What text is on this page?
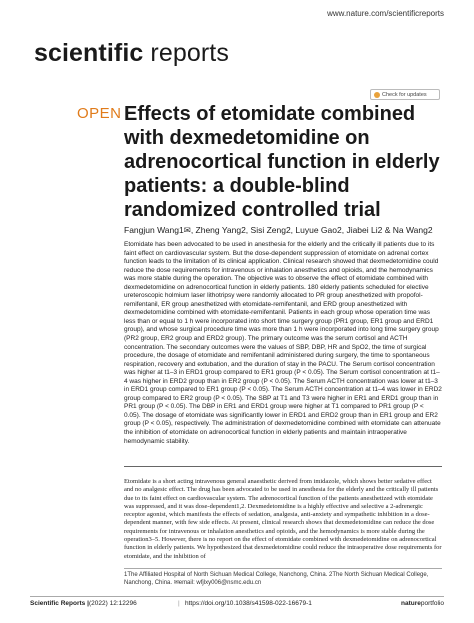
www.nature.com/scientificreports
scientific reports
Check for updates
OPEN Effects of etomidate combined with dexmedetomidine on adrenocortical function in elderly patients: a double-blind randomized controlled trial
Fangjun Wang1✉, Zheng Yang2, Sisi Zeng2, Luyue Gao2, Jiabei Li2 & Na Wang2

Etomidate has been advocated to be used in anesthesia for the elderly and the critically ill patients due to its faint effect on cardiovascular system. But the dose-dependent suppression of etomidate on adrenal cortex function leads to the limitation of its clinical application. Clinical research showed that dexmedetomidine could reduce the dose requirements for intravenous or inhalation anesthetics and opioids, and the hemodynamics was more stable during the operation. The objective was to observe the effect of etomidate combined with dexmedetomidine on adrenocortical function in elderly patients. 180 elderly patients scheduled for elective ureteroscopic holmium laser lithotripsy were randomly allocated to PR group anesthetized with propofol-remifentanil, ER group anesthetized with etomidate-remifentanil, and ERD group anesthetized with dexmedetomidine combined with etomidate-remifentanil. Patients in each group whose operation time was less than or equal to 1 h were incorporated into short time surgery group (PR1 group, ER1 group and ERD1 group), and whose surgical procedure time was more than 1 h were incorporated into long time surgery group (PR2 group, ER2 group and ERD2 group). The primary outcome was the serum cortisol and ACTH concentration. The secondary outcomes were the values of SBP, DBP, HR and SpO2, the time of surgical procedure, the dosage of etomidate and remifentanil administered during surgery, the time to spontaneous respiration, recovery and extubation, and the duration of stay in the PACU. The Serum cortisol concentration was higher at t1–3 in ERD1 group compared to ER1 group (P < 0.05). The Serum cortisol concentration at t1–4 was higher in ERD2 group than in ER2 group (P < 0.05). The Serum ACTH concentration was lower at t1–3 in ERD1 group compared to ER1 group (P < 0.05). The Serum ACTH concentration at t1–4 was lower in ERD2 group compared to ER2 group (P < 0.05). The SBP at T1 and T3 were higher in ER1 and ERD1 group than in PR1 group (P < 0.05). The DBP in ER1 and ERD1 group were higher at T1 compared to PR1 group (P < 0.05). The dosage of etomidate was significantly lower in ERD1 and ERD2 group than in ER1 group and ER2 group (P < 0.05), respectively. The administration of dexmedetomidine combined with etomidate can attenuate the inhibition of etomidate on adrenocortical function in elderly patients and maintain intraoperative hemodynamic stability.

Etomidate is a short acting intravenous general anaesthetic derived from imidazole, which shows better sedative effect and no analgesic effect. The drug has been advocated to be used in anesthesia for the elderly and the critically ill patients due to its faint effect on cardiovascular system. The adrenocortical function of the patients anesthetized with etomidate was suppressed, and it was dose-dependent1,2. Dexmedetomidine is a highly effective and selective a 2-adrenergic receptor agonist, which manifests the effects of sedation, analgesia, anti-anxiety and sympathetic inhibition in a dose-dependent manner, with few side effects. At present, clinical research shows that dexmedetomidine can reduce the dose requirements for intravenous or inhalation anesthetics and opioids, and the hemodynamics is more stable during the operation3–5. However, there is no report on the effect of etomidate combined with dexmedetomidine on adrenocortical function in elderly patients. We hypothesized that dexmedetomidine could reduce the intraoperative dose requirements for etomidate, and the inhibition of

1The Affiliated Hospital of North Sichuan Medical College, Nanchong, China. 2The North Sichuan Medical College, Nanchong, China. ✉email: wfjlxy006@nsmc.edu.cn

Scientific Reports | (2022) 12:12296	| https://doi.org/10.1038/s41598-022-16679-1	natureportfolio
